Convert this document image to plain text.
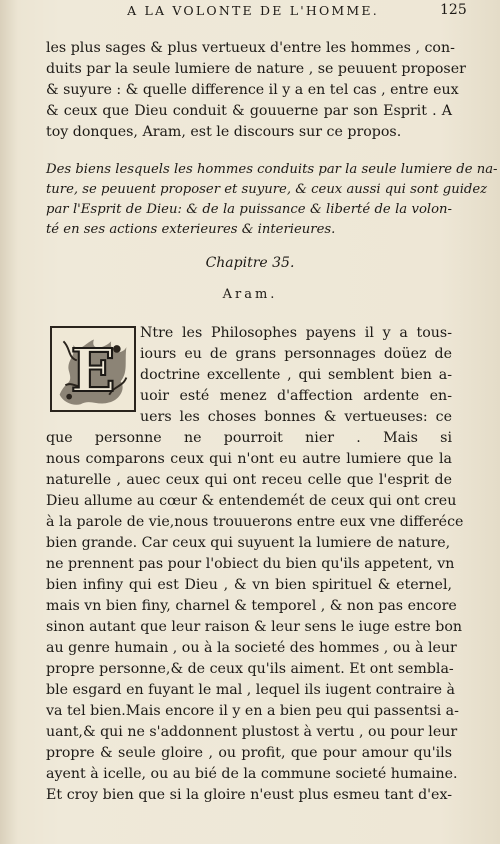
A LA VOLONTE DE L'HOMME.	125
les plus sages & plus vertueux d'entre les hommes , con-
duits par la seule lumiere de nature , se peuuent proposer
& suyure : & quelle difference il y a en tel cas , entre eux
& ceux que Dieu conduit & gouuerne par son Esprit . A
toy donques, Aram, est le discours sur ce propos.
Des biens lesquels les hommes conduits par la seule lumiere de na-
ture, se peuuent proposer et suyure, & ceux aussi qui sont guidez
par l'Esprit de Dieu: & de la puissance & liberté de la volon-
té en ses actions exterieures & interieures.
Chapitre 35.
Aram.
E
Ntre les Philosophes payens il y a tous-
iours eu de grans personnages doüez de
doctrine excellente , qui semblent bien a-
uoir esté menez d'affection ardente en-
uers les choses bonnes & vertueuses: ce
que personne ne pourroit nier . Mais si
nous comparons ceux qui n'ont eu autre lumiere que la
naturelle , auec ceux qui ont receu celle que l'esprit de
Dieu allume au cœur & entendemét de ceux qui ont creu
à la parole de vie,nous trouuerons entre eux vne differéce
bien grande. Car ceux qui suyuent la lumiere de nature,
ne prennent pas pour l'obiect du bien qu'ils appetent, vn
bien infiny qui est Dieu , & vn bien spirituel & eternel,
mais vn bien finy, charnel & temporel , & non pas encore
sinon autant que leur raison & leur sens le iuge estre bon
au genre humain , ou à la societé des hommes , ou à leur
propre personne,& de ceux qu'ils aiment. Et ont sembla-
ble esgard en fuyant le mal , lequel ils iugent contraire à
va tel bien.Mais encore il y en a bien peu qui passentsi a-
uant,& qui ne s'addonnent plustost à vertu , ou pour leur
propre & seule gloire , ou profit, que pour amour qu'ils
ayent à icelle, ou au bié de la commune societé humaine.
Et croy bien que si la gloire n'eust plus esmeu tant d'ex-
